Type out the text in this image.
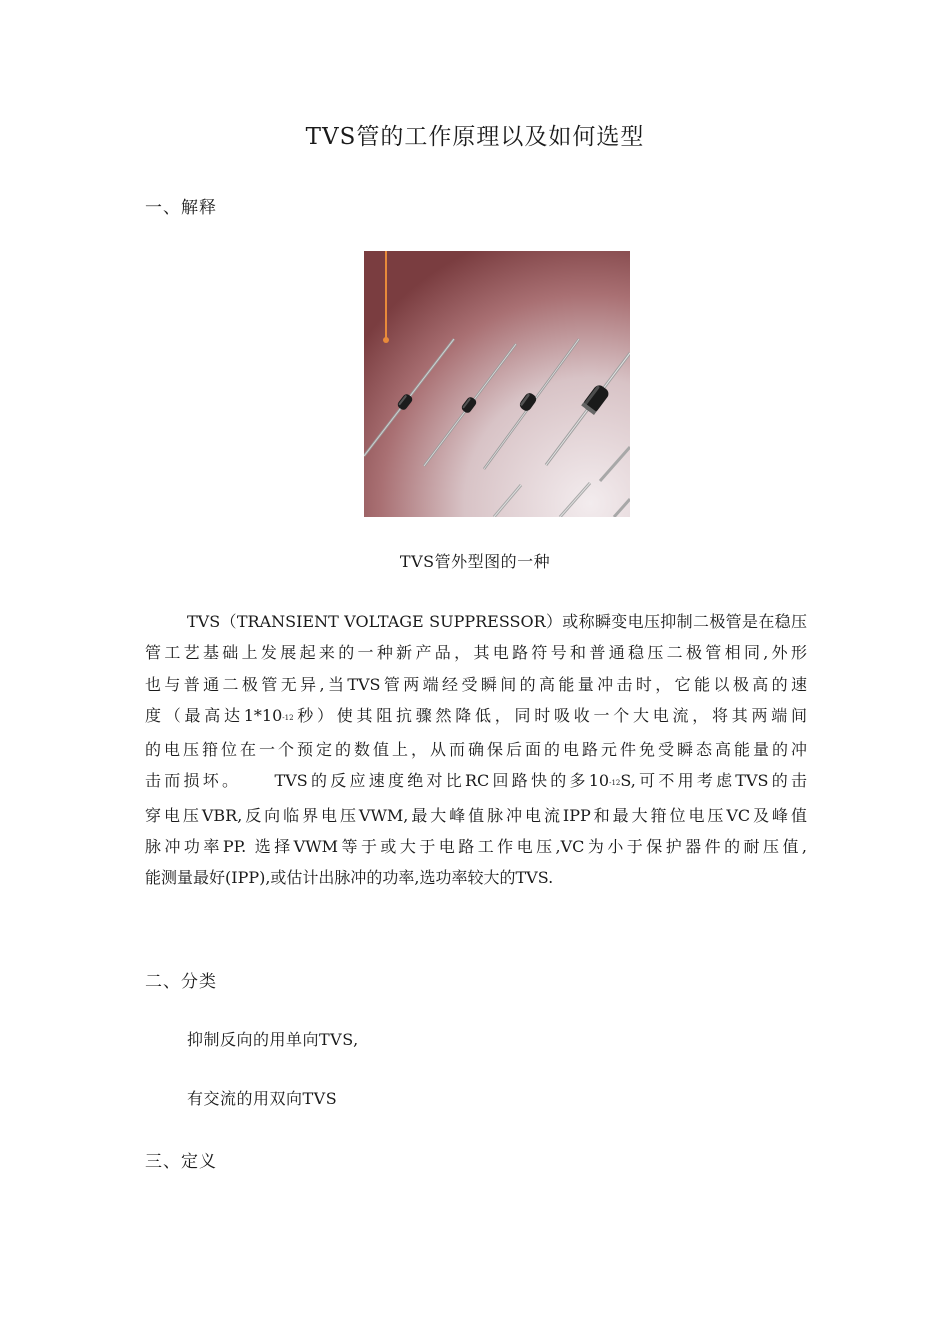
TVS管的工作原理以及如何选型
一、解释
TVS管外型图的一种
TVS（TRANSIENT VOLTAGE SUPPRESSOR）或称瞬变电压抑制二极管是在稳压
管工艺基础上发展起来的一种新产品，其电路符号和普通稳压二极管相同,外形
也与普通二极管无异,当TVS管两端经受瞬间的高能量冲击时，它能以极高的速
度（最高达$1*10^{-12}$秒）使其阻抗骤然降低，同时吸收一个大电流，将其两端间
的电压箝位在一个预定的数值上，从而确保后面的电路元件免受瞬态高能量的冲
击而损坏。    TVS的反应速度绝对比RC回路快的多$10^{-12}S$,可不用考虑TVS的击
穿电压VBR,反向临界电压VWM,最大峰值脉冲电流IPP和最大箝位电压VC及峰值
脉冲功率PP. 选择VWM等于或大于电路工作电压,VC为小于保护器件的耐压值,
能测量最好(IPP),或估计出脉冲的功率,选功率较大的TVS.
二、分类
抑制反向的用单向TVS,
有交流的用双向TVS
三、定义
